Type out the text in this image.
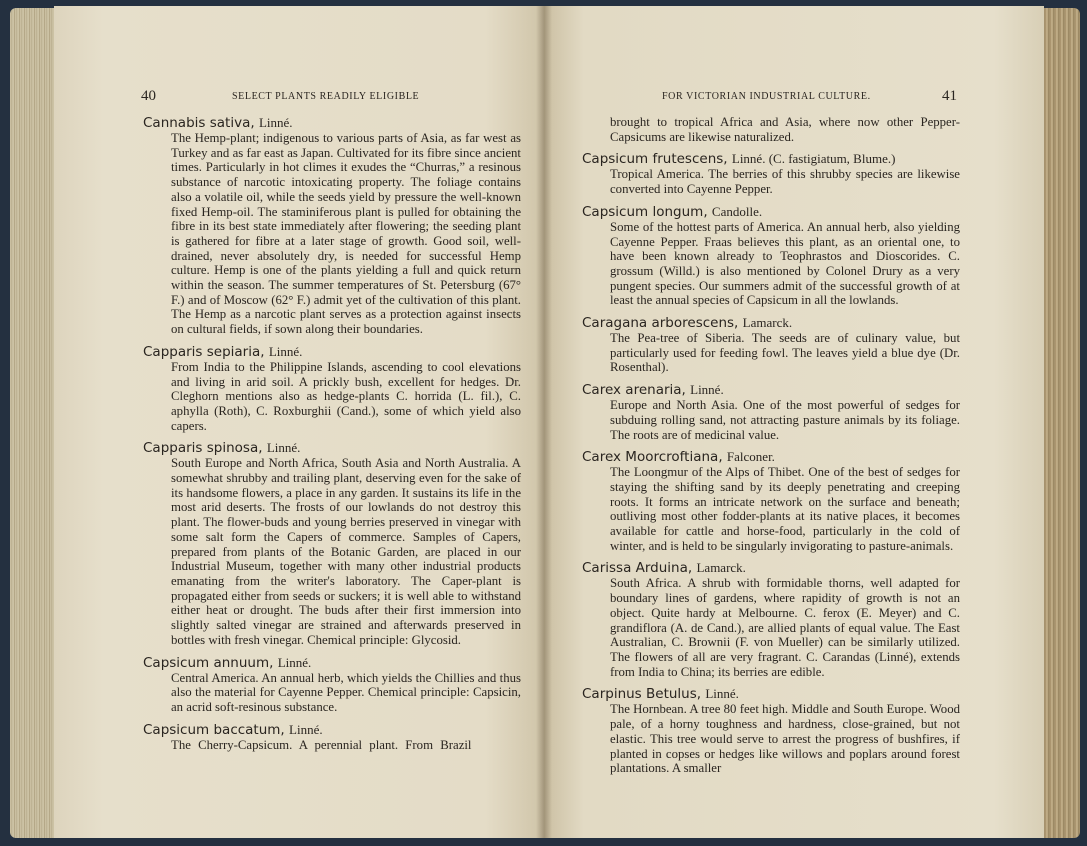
40	SELECT PLANTS READILY ELIGIBLE	FOR VICTORIAN INDUSTRIAL CULTURE.	41

Cannabis sativa, Linné.

The Hemp-plant; indigenous to various parts of Asia, as far west as Turkey and as far east as Japan. Cultivated for its fibre since ancient times. Particularly in hot climes it exudes the “Churras,” a resinous substance of narcotic intoxicating property. The foliage contains also a volatile oil, while the seeds yield by pressure the well-known fixed Hemp-oil. The staminiferous plant is pulled for obtaining the fibre in its best state immediately after flowering; the seeding plant is gathered for fibre at a later stage of growth. Good soil, well-drained, never absolutely dry, is needed for successful Hemp culture. Hemp is one of the plants yielding a full and quick return within the season. The summer temperatures of St. Petersburg (67° F.) and of Moscow (62° F.) admit yet of the cultivation of this plant. The Hemp as a narcotic plant serves as a protection against insects on cultural fields, if sown along their boundaries.

Capparis sepiaria, Linné.

From India to the Philippine Islands, ascending to cool elevations and living in arid soil. A prickly bush, excellent for hedges. Dr. Cleghorn mentions also as hedge-plants C. horrida (L. fil.), C. aphylla (Roth), C. Roxburghii (Cand.), some of which yield also capers.

Capparis spinosa, Linné.

South Europe and North Africa, South Asia and North Australia. A somewhat shrubby and trailing plant, deserving even for the sake of its handsome flowers, a place in any garden. It sustains its life in the most arid deserts. The frosts of our lowlands do not destroy this plant. The flower-buds and young berries preserved in vinegar with some salt form the Capers of commerce. Samples of Capers, prepared from plants of the Botanic Garden, are placed in our Industrial Museum, together with many other industrial products emanating from the writer's laboratory. The Caper-plant is propagated either from seeds or suckers; it is well able to withstand either heat or drought. The buds after their first immersion into slightly salted vinegar are strained and afterwards preserved in bottles with fresh vinegar. Chemical principle: Glycosid.

Capsicum annuum, Linné.

Central America. An annual herb, which yields the Chillies and thus also the material for Cayenne Pepper. Chemical principle: Capsicin, an acrid soft-resinous substance.

Capsicum baccatum, Linné.

The Cherry-Capsicum. A perennial plant. From Brazil

brought to tropical Africa and Asia, where now other Pepper-Capsicums are likewise naturalized.

Capsicum frutescens, Linné. (C. fastigiatum, Blume.)

Tropical America. The berries of this shrubby species are likewise converted into Cayenne Pepper.

Capsicum longum, Candolle.

Some of the hottest parts of America. An annual herb, also yielding Cayenne Pepper. Fraas believes this plant, as an oriental one, to have been known already to Teophrastos and Dioscorides. C. grossum (Willd.) is also mentioned by Colonel Drury as a very pungent species. Our summers admit of the successful growth of at least the annual species of Capsicum in all the lowlands.

Caragana arborescens, Lamarck.

The Pea-tree of Siberia. The seeds are of culinary value, but particularly used for feeding fowl. The leaves yield a blue dye (Dr. Rosenthal).

Carex arenaria, Linné.

Europe and North Asia. One of the most powerful of sedges for subduing rolling sand, not attracting pasture animals by its foliage. The roots are of medicinal value.

Carex Moorcroftiana, Falconer.

The Loongmur of the Alps of Thibet. One of the best of sedges for staying the shifting sand by its deeply penetrating and creeping roots. It forms an intricate network on the surface and beneath; outliving most other fodder-plants at its native places, it becomes available for cattle and horse-food, particularly in the cold of winter, and is held to be singularly invigorating to pasture-animals.

Carissa Arduina, Lamarck.

South Africa. A shrub with formidable thorns, well adapted for boundary lines of gardens, where rapidity of growth is not an object. Quite hardy at Melbourne. C. ferox (E. Meyer) and C. grandiflora (A. de Cand.), are allied plants of equal value. The East Australian, C. Brownii (F. von Mueller) can be similarly utilized. The flowers of all are very fragrant. C. Carandas (Linné), extends from India to China; its berries are edible.

Carpinus Betulus, Linné.

The Hornbean. A tree 80 feet high. Middle and South Europe. Wood pale, of a horny toughness and hardness, close-grained, but not elastic. This tree would serve to arrest the progress of bushfires, if planted in copses or hedges like willows and poplars around forest plantations. A smaller
